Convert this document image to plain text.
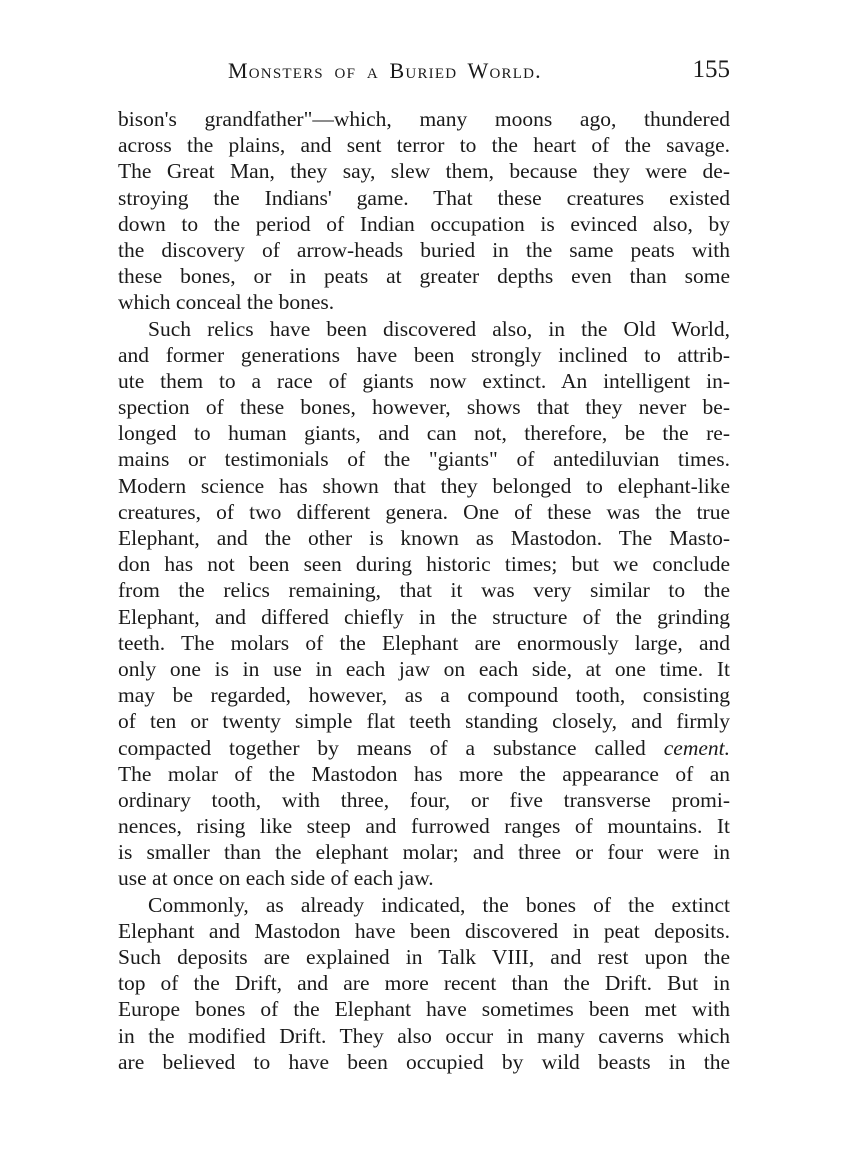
Monsters of a Buried World.	155
bison's grandfather"—which, many moons ago, thundered
across the plains, and sent terror to the heart of the savage.
The Great Man, they say, slew them, because they were de-
stroying the Indians' game. That these creatures existed
down to the period of Indian occupation is evinced also, by
the discovery of arrow-heads buried in the same peats with
these bones, or in peats at greater depths even than some
which conceal the bones.
Such relics have been discovered also, in the Old World,
and former generations have been strongly inclined to attrib-
ute them to a race of giants now extinct. An intelligent in-
spection of these bones, however, shows that they never be-
longed to human giants, and can not, therefore, be the re-
mains or testimonials of the "giants" of antediluvian times.
Modern science has shown that they belonged to elephant-like
creatures, of two different genera. One of these was the true
Elephant, and the other is known as Mastodon. The Masto-
don has not been seen during historic times; but we conclude
from the relics remaining, that it was very similar to the
Elephant, and differed chiefly in the structure of the grinding
teeth. The molars of the Elephant are enormously large, and
only one is in use in each jaw on each side, at one time. It
may be regarded, however, as a compound tooth, consisting
of ten or twenty simple flat teeth standing closely, and firmly
compacted together by means of a substance called cement.
The molar of the Mastodon has more the appearance of an
ordinary tooth, with three, four, or five transverse promi-
nences, rising like steep and furrowed ranges of mountains. It
is smaller than the elephant molar; and three or four were in
use at once on each side of each jaw.
Commonly, as already indicated, the bones of the extinct
Elephant and Mastodon have been discovered in peat deposits.
Such deposits are explained in Talk VIII, and rest upon the
top of the Drift, and are more recent than the Drift. But in
Europe bones of the Elephant have sometimes been met with
in the modified Drift. They also occur in many caverns which
are believed to have been occupied by wild beasts in the
